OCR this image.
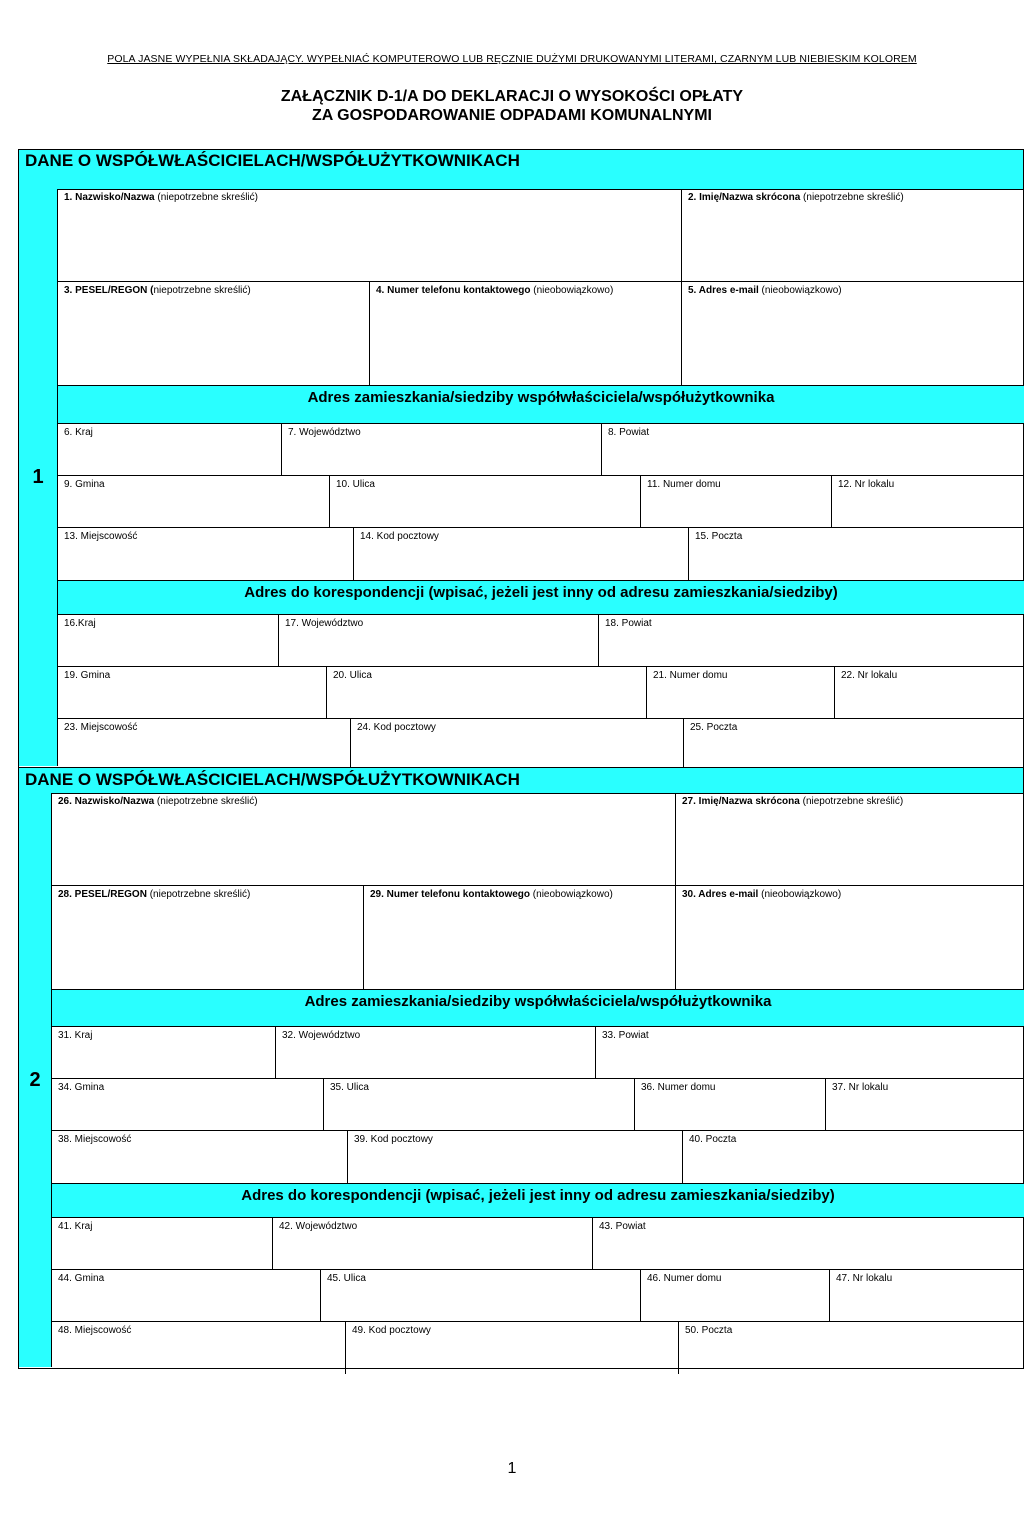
POLA JASNE WYPEŁNIA SKŁADAJĄCY. WYPEŁNIAĆ KOMPUTEROWO LUB RĘCZNIE DUŻYMI DRUKOWANYMI LITERAMI, CZARNYM LUB NIEBIESKIM KOLOREM
ZAŁĄCZNIK D-1/A DO DEKLARACJI O WYSOKOŚCI OPŁATY
ZA GOSPODAROWANIE ODPADAMI KOMUNALNYMI
DANE O WSPÓŁWŁAŚCICIELACH/WSPÓŁUŻYTKOWNIKACH
1
1. Nazwisko/Nazwa (niepotrzebne skreślić)	2. Imię/Nazwa skrócona (niepotrzebne skreślić)
3. PESEL/REGON (niepotrzebne skreślić)	4. Numer telefonu kontaktowego (nieobowiązkowo)	5. Adres e-mail (nieobowiązkowo)
Adres zamieszkania/siedziby współwłaściciela/współużytkownika
6. Kraj	7. Województwo	8. Powiat
9. Gmina	10. Ulica	11. Numer domu	12. Nr lokalu
13. Miejscowość	14. Kod pocztowy	15. Poczta
Adres do korespondencji (wpisać, jeżeli jest inny od adresu zamieszkania/siedziby)
16.Kraj	17. Województwo	18. Powiat
19. Gmina	20. Ulica	21. Numer domu	22. Nr lokalu
23. Miejscowość	24. Kod pocztowy	25. Poczta
DANE O WSPÓŁWŁAŚCICIELACH/WSPÓŁUŻYTKOWNIKACH
2
26. Nazwisko/Nazwa (niepotrzebne skreślić)	27. Imię/Nazwa skrócona (niepotrzebne skreślić)
28. PESEL/REGON (niepotrzebne skreślić)	29. Numer telefonu kontaktowego (nieobowiązkowo)	30. Adres e-mail (nieobowiązkowo)
Adres zamieszkania/siedziby współwłaściciela/współużytkownika
31. Kraj	32. Województwo	33. Powiat
34. Gmina	35. Ulica	36. Numer domu	37. Nr lokalu
38. Miejscowość	39. Kod pocztowy	40. Poczta
Adres do korespondencji (wpisać, jeżeli jest inny od adresu zamieszkania/siedziby)
41. Kraj	42. Województwo	43. Powiat
44. Gmina	45. Ulica	46. Numer domu	47. Nr lokalu
48. Miejscowość	49. Kod pocztowy	50. Poczta
1
